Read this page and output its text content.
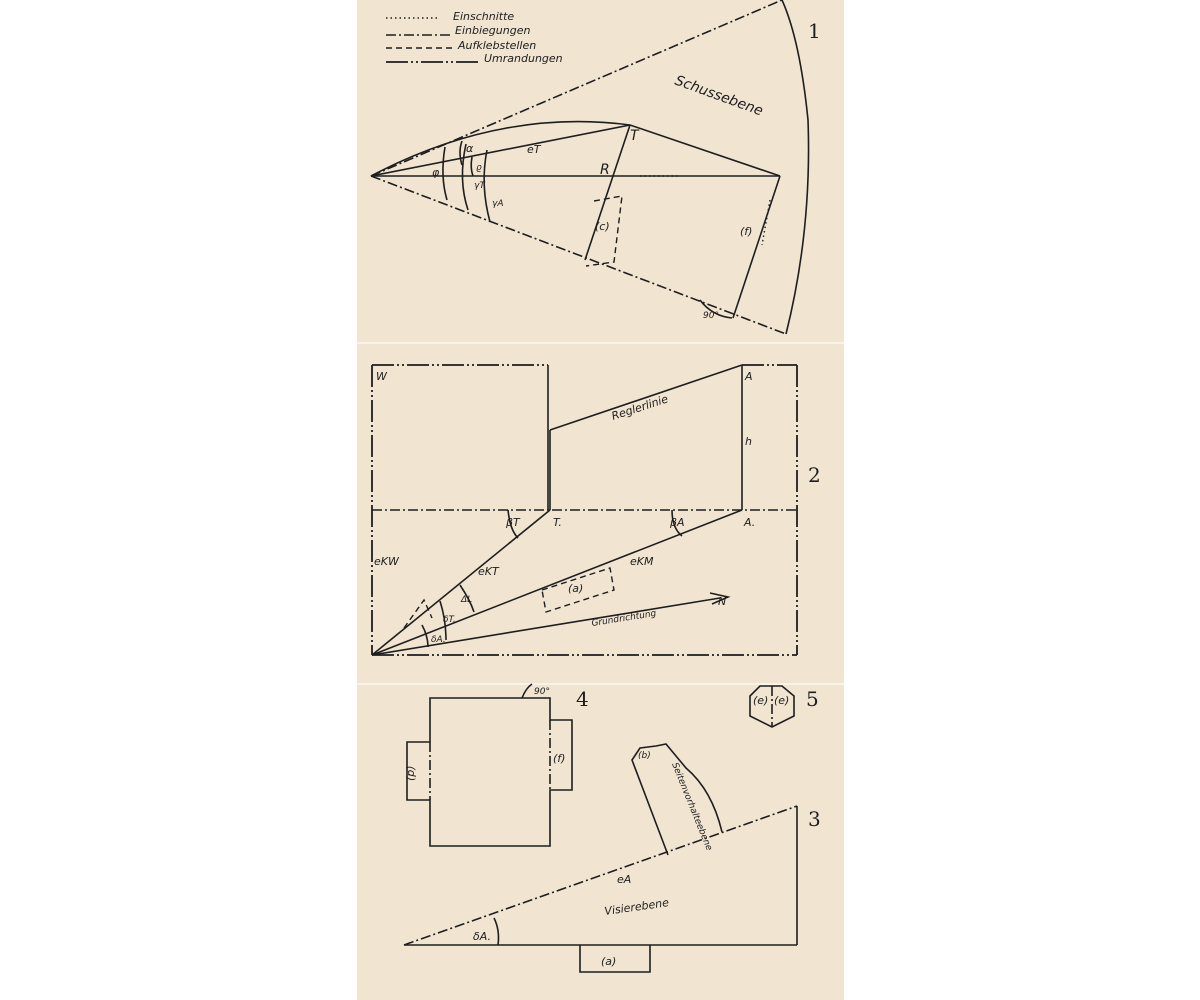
Einschnitte
Einbiegungen
Aufklebstellen
Umrandungen
Schussebene
φ
α
ϱ
γT
γA
eT
T
R
(c)	(f)
90°
W
Reglerlinie
A
h
βT	T.	βA	A.
eKW
eKT
eKM
ΔL
δT.
δA.
(a)
N
Grundrichtung
90°
(p)
(f)
(e) (e)
(b)
Seitenvorhalteebene
eA
Visierebene
δA.
(a)
1
2
3
4	5
